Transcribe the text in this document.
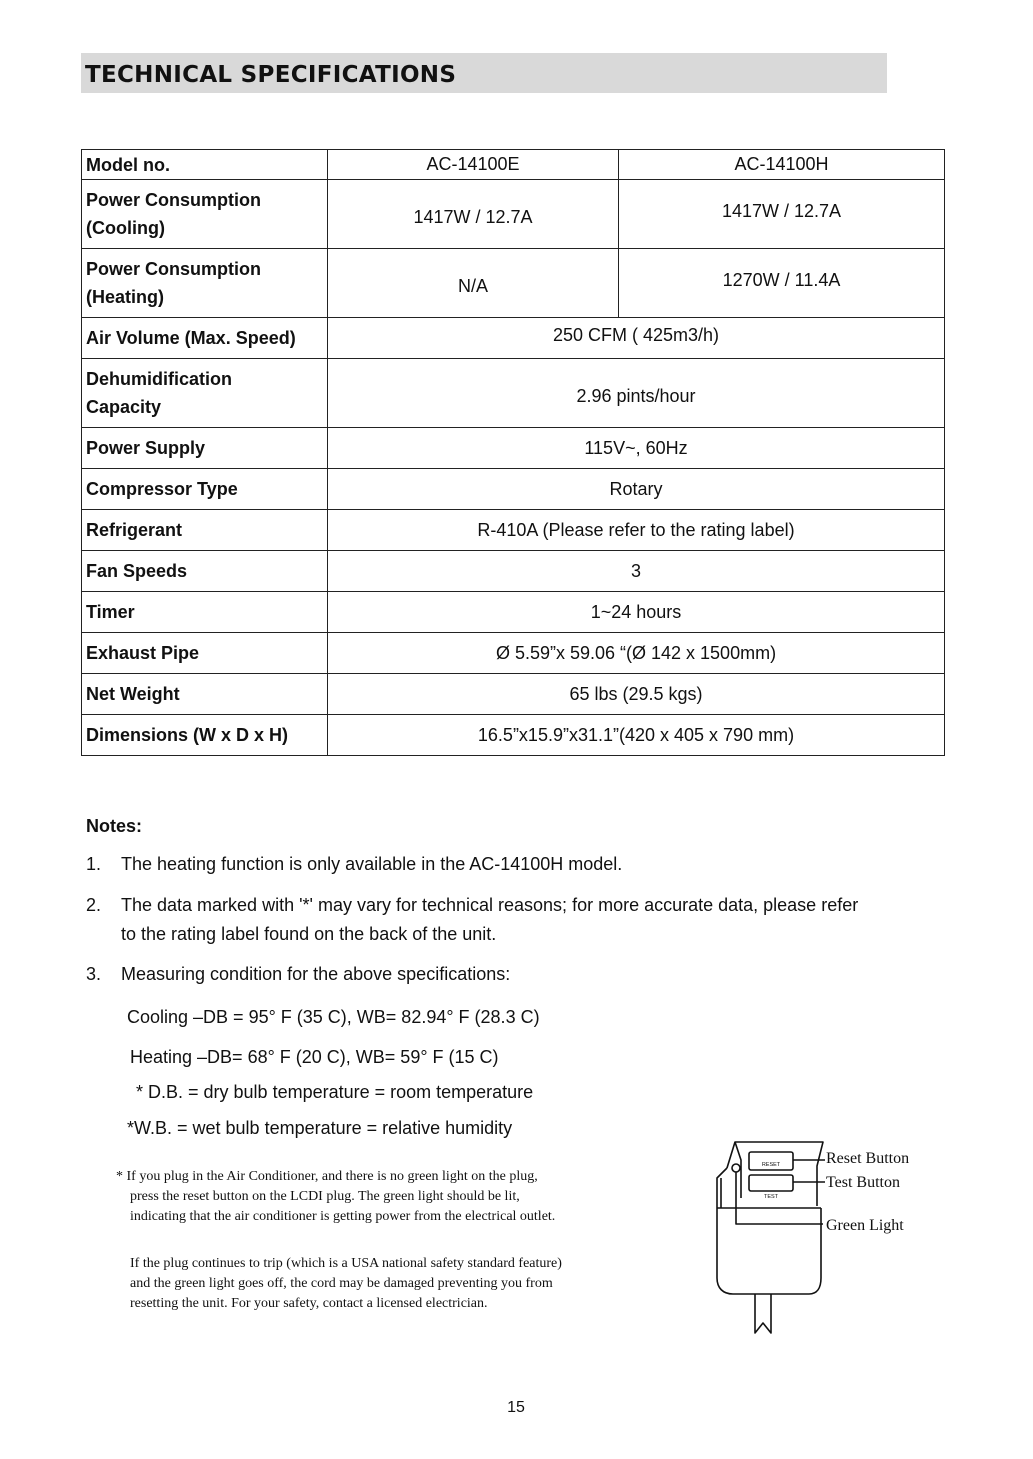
TECHNICAL SPECIFICATIONS
Model no.	AC-14100E	AC-14100H
Power Consumption
(Cooling)	1417W / 12.7A	1417W / 12.7A
Power Consumption
(Heating)	N/A	1270W / 11.4A
Air Volume (Max. Speed)	250 CFM ( 425m3/h)	
Dehumidification
Capacity	2.96 pints/hour	
Power Supply	115V~, 60Hz	
Compressor Type	Rotary	
Refrigerant	R-410A (Please refer to the rating label)	
Fan Speeds	3	
Timer	1~24 hours	
Exhaust Pipe	Ø 5.59”x 59.06 “(Ø 142 x 1500mm)	
Net Weight	65 lbs (29.5 kgs)	
Dimensions (W x D x H)	16.5”x15.9”x31.1”(420 x 405 x 790 mm)	
Notes:
1. The heating function is only available in the AC-14100H model.
2. The data marked with '*' may vary for technical reasons; for more accurate data, please refer
to the rating label found on the back of the unit.
3. Measuring condition for the above specifications:
Cooling –DB = 95° F (35 C), WB= 82.94° F (28.3 C)
Heating –DB= 68° F (20 C), WB= 59° F (15 C)
* D.B. = dry bulb temperature = room temperature
*W.B. = wet bulb temperature = relative humidity
* If you plug in the Air Conditioner, and there is no green light on the plug,
press the reset button on the LCDI plug. The green light should be lit,
indicating that the air conditioner is getting power from the electrical outlet.
If the plug continues to trip (which is a USA national safety standard feature)
and the green light goes off, the cord may be damaged preventing you from
resetting the unit. For your safety, contact a licensed electrician.
RESET
TEST
Reset Button
Test Button
Green Light
15
